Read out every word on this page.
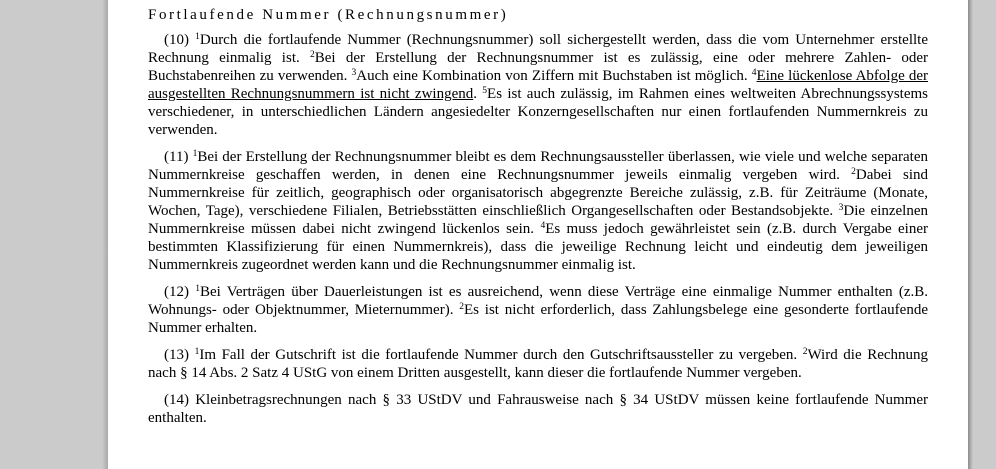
Fortlaufende Nummer (Rechnungsnummer)

(10) $^1$Durch die fortlaufende Nummer (Rechnungsnummer) soll sichergestellt werden, dass die vom Unternehmer erstellte Rechnung einmalig ist. $^2$Bei der Erstellung der Rechnungsnummer ist es zulässig, eine oder mehrere Zahlen- oder Buchstabenreihen zu verwenden. $^3$Auch eine Kombination von Ziffern mit Buchstaben ist möglich. $^4$Eine lückenlose Abfolge der ausgestellten Rechnungsnummern ist nicht zwingend. $^5$Es ist auch zulässig, im Rahmen eines weltweiten Abrechnungssystems verschiedener, in unterschiedlichen Ländern angesiedelter Konzerngesellschaften nur einen fortlaufenden Nummernkreis zu verwenden.

(11) $^1$Bei der Erstellung der Rechnungsnummer bleibt es dem Rechnungsaussteller überlassen, wie viele und welche separaten Nummernkreise geschaffen werden, in denen eine Rechnungsnummer jeweils einmalig vergeben wird. $^2$Dabei sind Nummernkreise für zeitlich, geographisch oder organisatorisch abgegrenzte Bereiche zulässig, z.B. für Zeiträume (Monate, Wochen, Tage), verschiedene Filialen, Betriebsstätten einschließlich Organgesellschaften oder Bestandsobjekte. $^3$Die einzelnen Nummernkreise müssen dabei nicht zwingend lückenlos sein. $^4$Es muss jedoch gewährleistet sein (z.B. durch Vergabe einer bestimmten Klassifizierung für einen Nummernkreis), dass die jeweilige Rechnung leicht und eindeutig dem jeweiligen Nummernkreis zugeordnet werden kann und die Rechnungsnummer einmalig ist.

(12) $^1$Bei Verträgen über Dauerleistungen ist es ausreichend, wenn diese Verträge eine einmalige Nummer enthalten (z.B. Wohnungs- oder Objektnummer, Mieternummer). $^2$Es ist nicht erforderlich, dass Zahlungsbelege eine gesonderte fortlaufende Nummer erhalten.

(13) $^1$Im Fall der Gutschrift ist die fortlaufende Nummer durch den Gutschriftsaussteller zu vergeben. $^2$Wird die Rechnung nach § 14 Abs. 2 Satz 4 UStG von einem Dritten ausgestellt, kann dieser die fortlaufende Nummer vergeben.

(14) Kleinbetragsrechnungen nach § 33 UStDV und Fahrausweise nach § 34 UStDV müssen keine fortlaufende Nummer enthalten.
